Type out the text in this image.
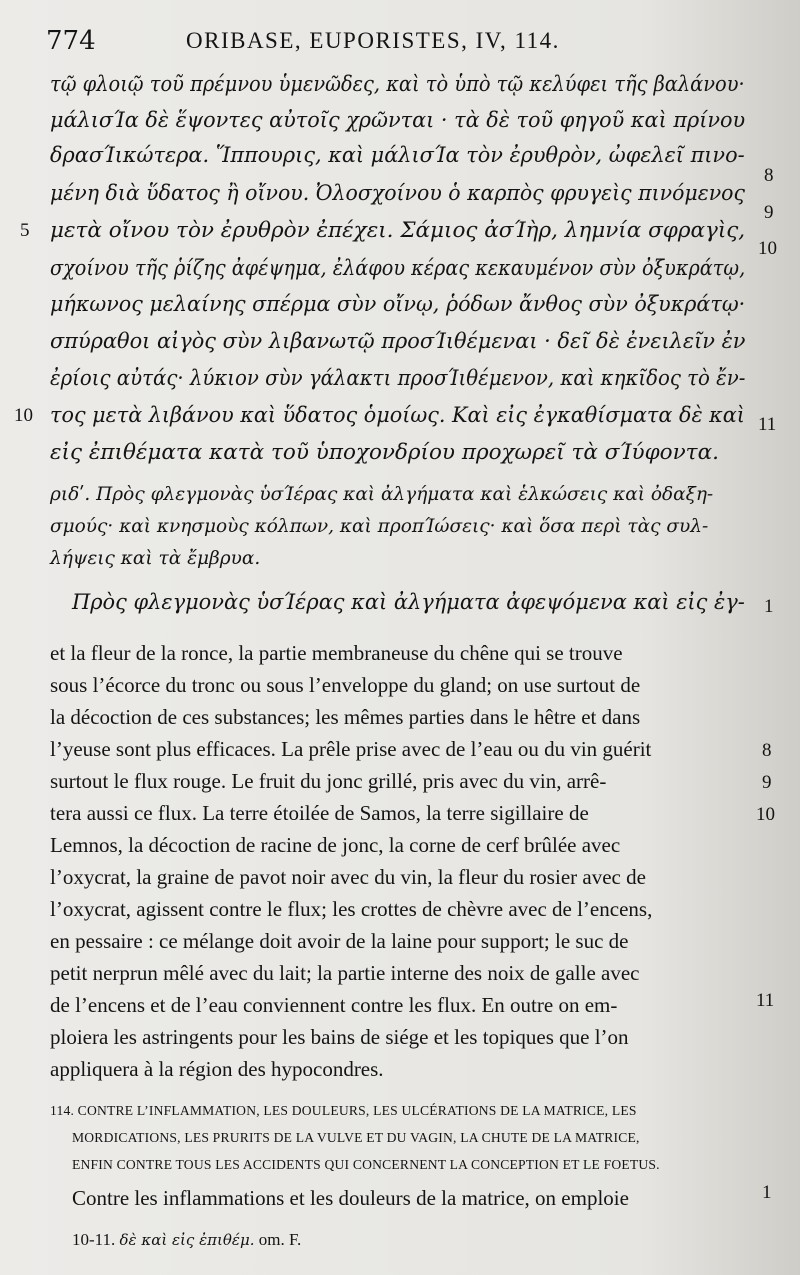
774	ORIBASE, EUPORISTES, IV, 114.
τῷ φλοιῷ τοῦ πρέμνου ὑμενῶδες, καὶ τὸ ὑπὸ τῷ κελύφει τῆς βαλάνου·
μάλισΊα δὲ ἕψοντες αὐτοῖς χρῶνται · τὰ δὲ τοῦ φηγοῦ καὶ πρίνου
δρασΊικώτερα. Ἵππουρις, καὶ μάλισΊα τὸν ἐρυθρὸν, ὠφελεῖ πινο-
μένη διὰ ὕδατος ἢ οἴνου. Ὀλοσχοίνου ὁ καρπὸς φρυγεὶς πινόμενος
μετὰ οἴνου τὸν ἐρυθρὸν ἐπέχει. Σάμιος ἀσΊὴρ, λημνία σφραγὶς,
σχοίνου τῆς ῥίζης ἀφέψημα, ἐλάφου κέρας κεκαυμένον σὺν ὀξυκράτῳ,
μήκωνος μελαίνης σπέρμα σὺν οἴνῳ, ῥόδων ἄνθος σὺν ὀξυκράτῳ·
σπύραθοι αἰγὸς σὺν λιβανωτῷ προσΊιθέμεναι · δεῖ δὲ ἐνειλεῖν ἐν
ἐρίοις αὐτάς· λύκιον σὺν γάλακτι προσΊιθέμενον, καὶ κηκῖδος τὸ ἔν-
τος μετὰ λιβάνου καὶ ὕδατος ὁμοίως. Καὶ εἰς ἐγκαθίσματα δὲ καὶ
εἰς ἐπιθέματα κατὰ τοῦ ὑποχονδρίου προχωρεῖ τὰ σΊύφοντα.
ριδʹ. Πρὸς φλεγμονὰς ὑσΊέρας καὶ ἀλγήματα καὶ ἑλκώσεις καὶ ὀδαξη-
σμούς· καὶ κνησμοὺς κόλπων, καὶ προπΊώσεις· καὶ ὅσα περὶ τὰς συλ-
λήψεις καὶ τὰ ἔμβρυα.
Πρὸς φλεγμονὰς ὑσΊέρας καὶ ἀλγήματα ἀφεψόμενα καὶ εἰς ἐγ-
et la fleur de la ronce, la partie membraneuse du chêne qui se trouve
sous l’écorce du tronc ou sous l’enveloppe du gland; on use surtout de
la décoction de ces substances; les mêmes parties dans le hêtre et dans
l’yeuse sont plus efficaces. La prêle prise avec de l’eau ou du vin guérit
surtout le flux rouge. Le fruit du jonc grillé, pris avec du vin, arrê-
tera aussi ce flux. La terre étoilée de Samos, la terre sigillaire de
Lemnos, la décoction de racine de jonc, la corne de cerf brûlée avec
l’oxycrat, la graine de pavot noir avec du vin, la fleur du rosier avec de
l’oxycrat, agissent contre le flux; les crottes de chèvre avec de l’encens,
en pessaire : ce mélange doit avoir de la laine pour support; le suc de
petit nerprun mêlé avec du lait; la partie interne des noix de galle avec
de l’encens et de l’eau conviennent contre les flux. En outre on em-
ploiera les astringents pour les bains de siége et les topiques que l’on
appliquera à la région des hypocondres.
114. CONTRE L’INFLAMMATION, LES DOULEURS, LES ULCÉRATIONS DE LA MATRICE, LES
MORDICATIONS, LES PRURITS DE LA VULVE ET DU VAGIN, LA CHUTE DE LA MATRICE,
ENFIN CONTRE TOUS LES ACCIDENTS QUI CONCERNENT LA CONCEPTION ET LE FOETUS.
Contre les inflammations et les douleurs de la matrice, on emploie
10-11. δὲ καὶ εἰς ἐπιθέμ. om. F.
5
10
8
9
10
11
1
8
9
10
11
1
